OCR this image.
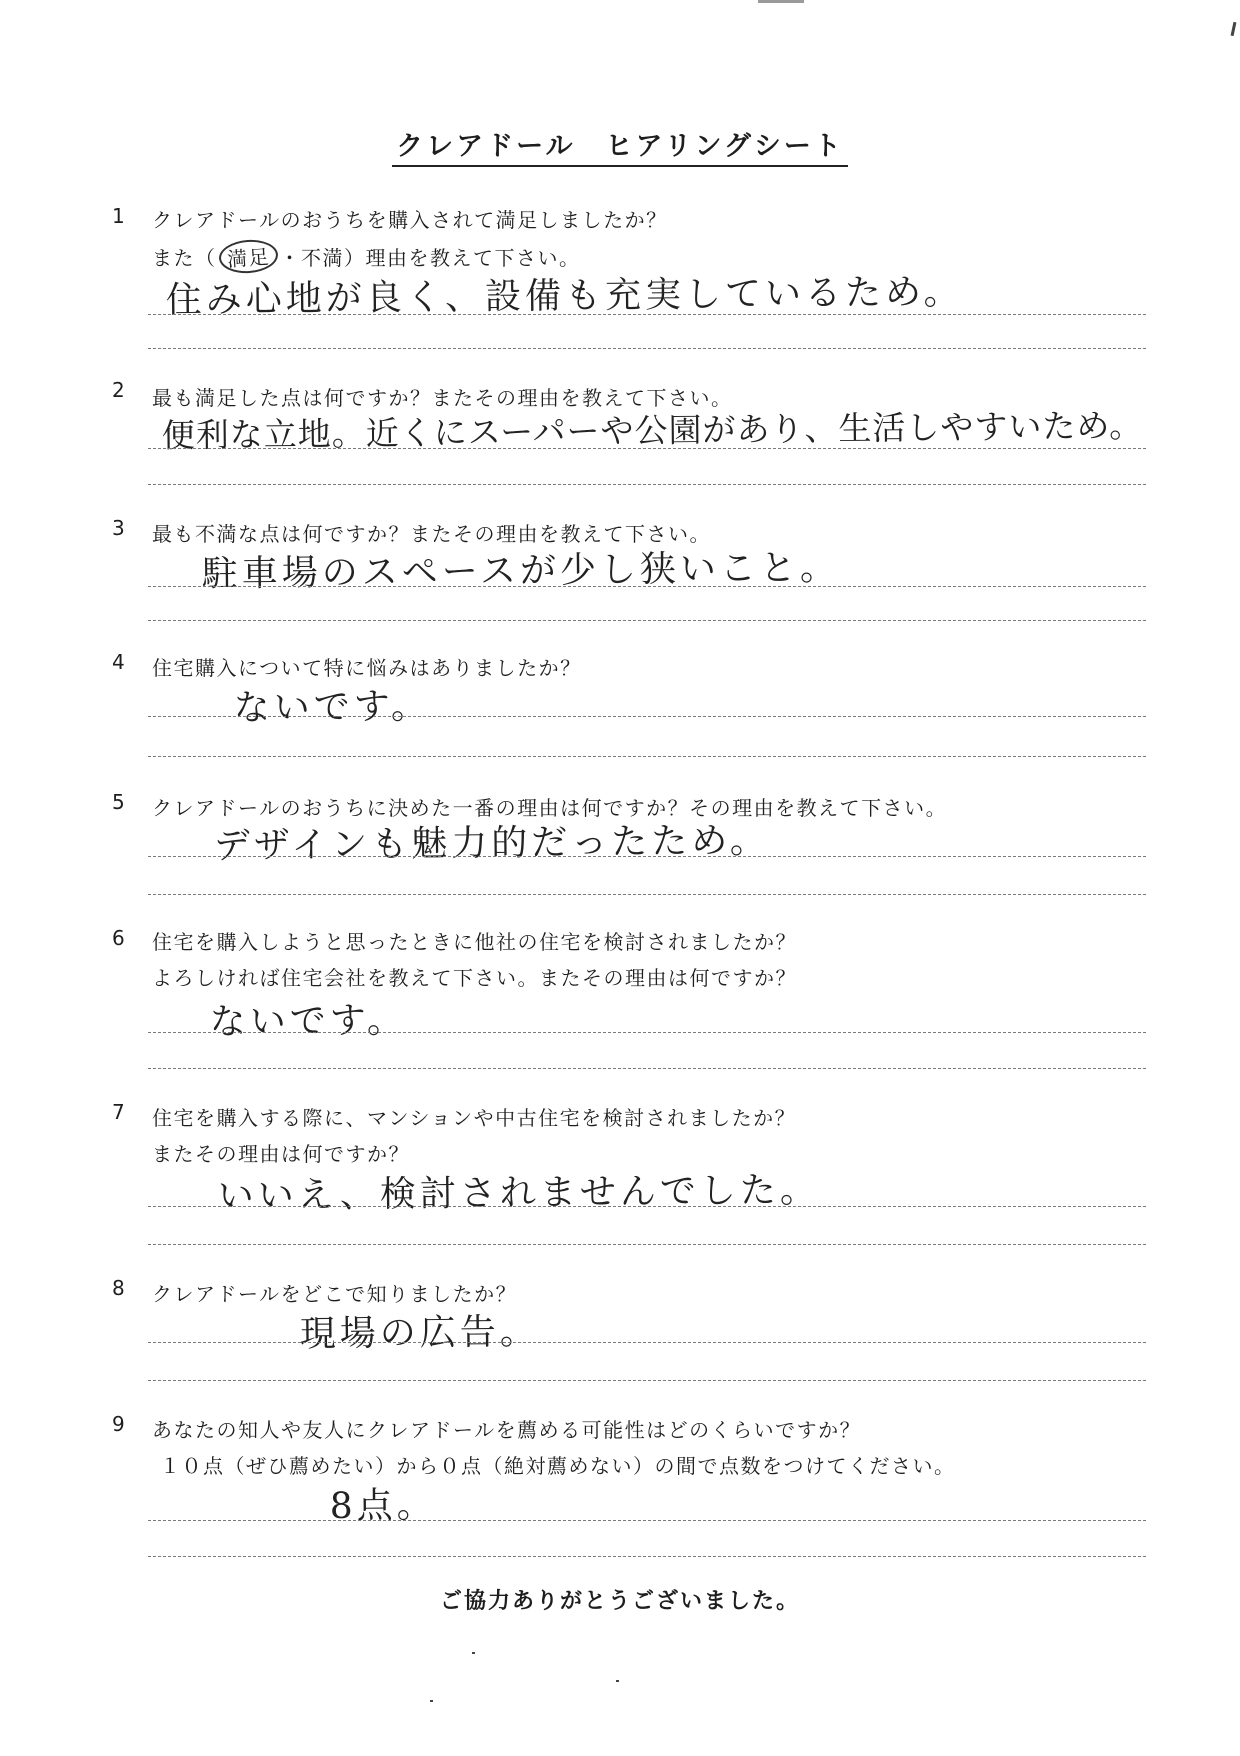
クレアドール　ヒアリングシート
1 クレアドールのおうちを購入されて満足しましたか？
また（ 満足 ・不満）理由を教えて下さい。
住み心地が良く、設備も充実しているため。
2 最も満足した点は何ですか？またその理由を教えて下さい。
便利な立地。近くにスーパーや公園があり、生活しやすいため。
3 最も不満な点は何ですか？またその理由を教えて下さい。
駐車場のスペースが少し狭いこと。
4 住宅購入について特に悩みはありましたか？
ないです。
5 クレアドールのおうちに決めた一番の理由は何ですか？その理由を教えて下さい。
デザインも魅力的だったため。
6 住宅を購入しようと思ったときに他社の住宅を検討されましたか？
よろしければ住宅会社を教えて下さい。またその理由は何ですか？
ないです。
7 住宅を購入する際に、マンションや中古住宅を検討されましたか？
またその理由は何ですか？
いいえ、検討されませんでした。
8 クレアドールをどこで知りましたか？
現場の広告。
9 あなたの知人や友人にクレアドールを薦める可能性はどのくらいですか？
１０点（ぜひ薦めたい）から０点（絶対薦めない）の間で点数をつけてください。
8点。
ご協力ありがとうございました。
